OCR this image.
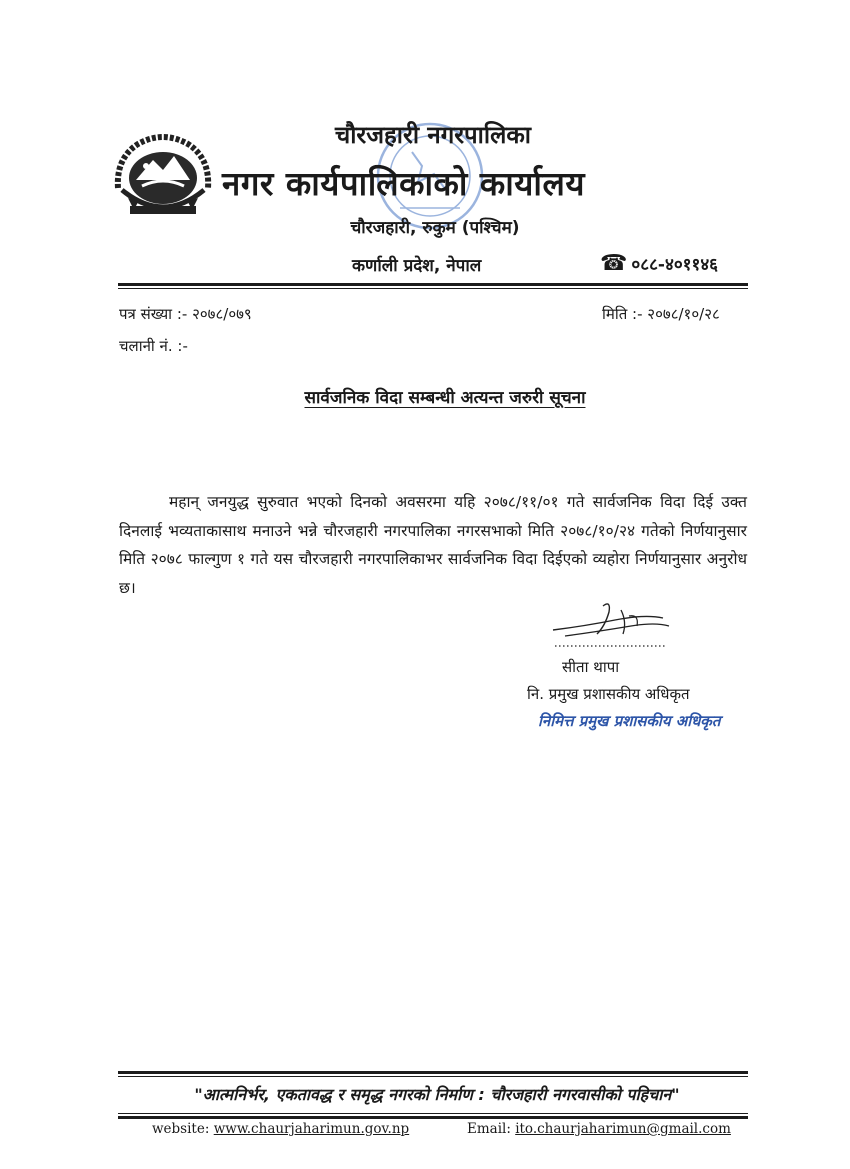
चौरजहारी नगरपालिका
नगर कार्यपालिकाको कार्यालय
चौरजहारी, रुकुम (पश्चिम)
कर्णाली प्रदेश, नेपाल	☎ ०८८-४०११४६
पत्र संख्या :- २०७८/०७९	मिति :- २०७८/१०/२८
चलानी नं. :-
सार्वजनिक विदा सम्बन्धी अत्यन्त जरुरी सूचना
महान् जनयुद्ध सुरुवात भएको दिनको अवसरमा यहि २०७८/११/०१ गते सार्वजनिक विदा दिई उक्त दिनलाई भव्यताकासाथ मनाउने भन्ने चौरजहारी नगरपालिका नगरसभाको मिति २०७८/१०/२४ गतेको निर्णयानुसार मिति २०७८ फाल्गुण १ गते यस चौरजहारी नगरपालिकाभर सार्वजनिक विदा दिईएको व्यहोरा निर्णयानुसार अनुरोध छ।
सीता थापा
नि. प्रमुख प्रशासकीय अधिकृत
निमित्त प्रमुख प्रशासकीय अधिकृत
"आत्मनिर्भर, एकतावद्ध र समृद्ध नगरको निर्माण : चौरजहारी नगरवासीको पहिचान"
website: www.chaurjaharimun.gov.np	Email: ito.chaurjaharimun@gmail.com
